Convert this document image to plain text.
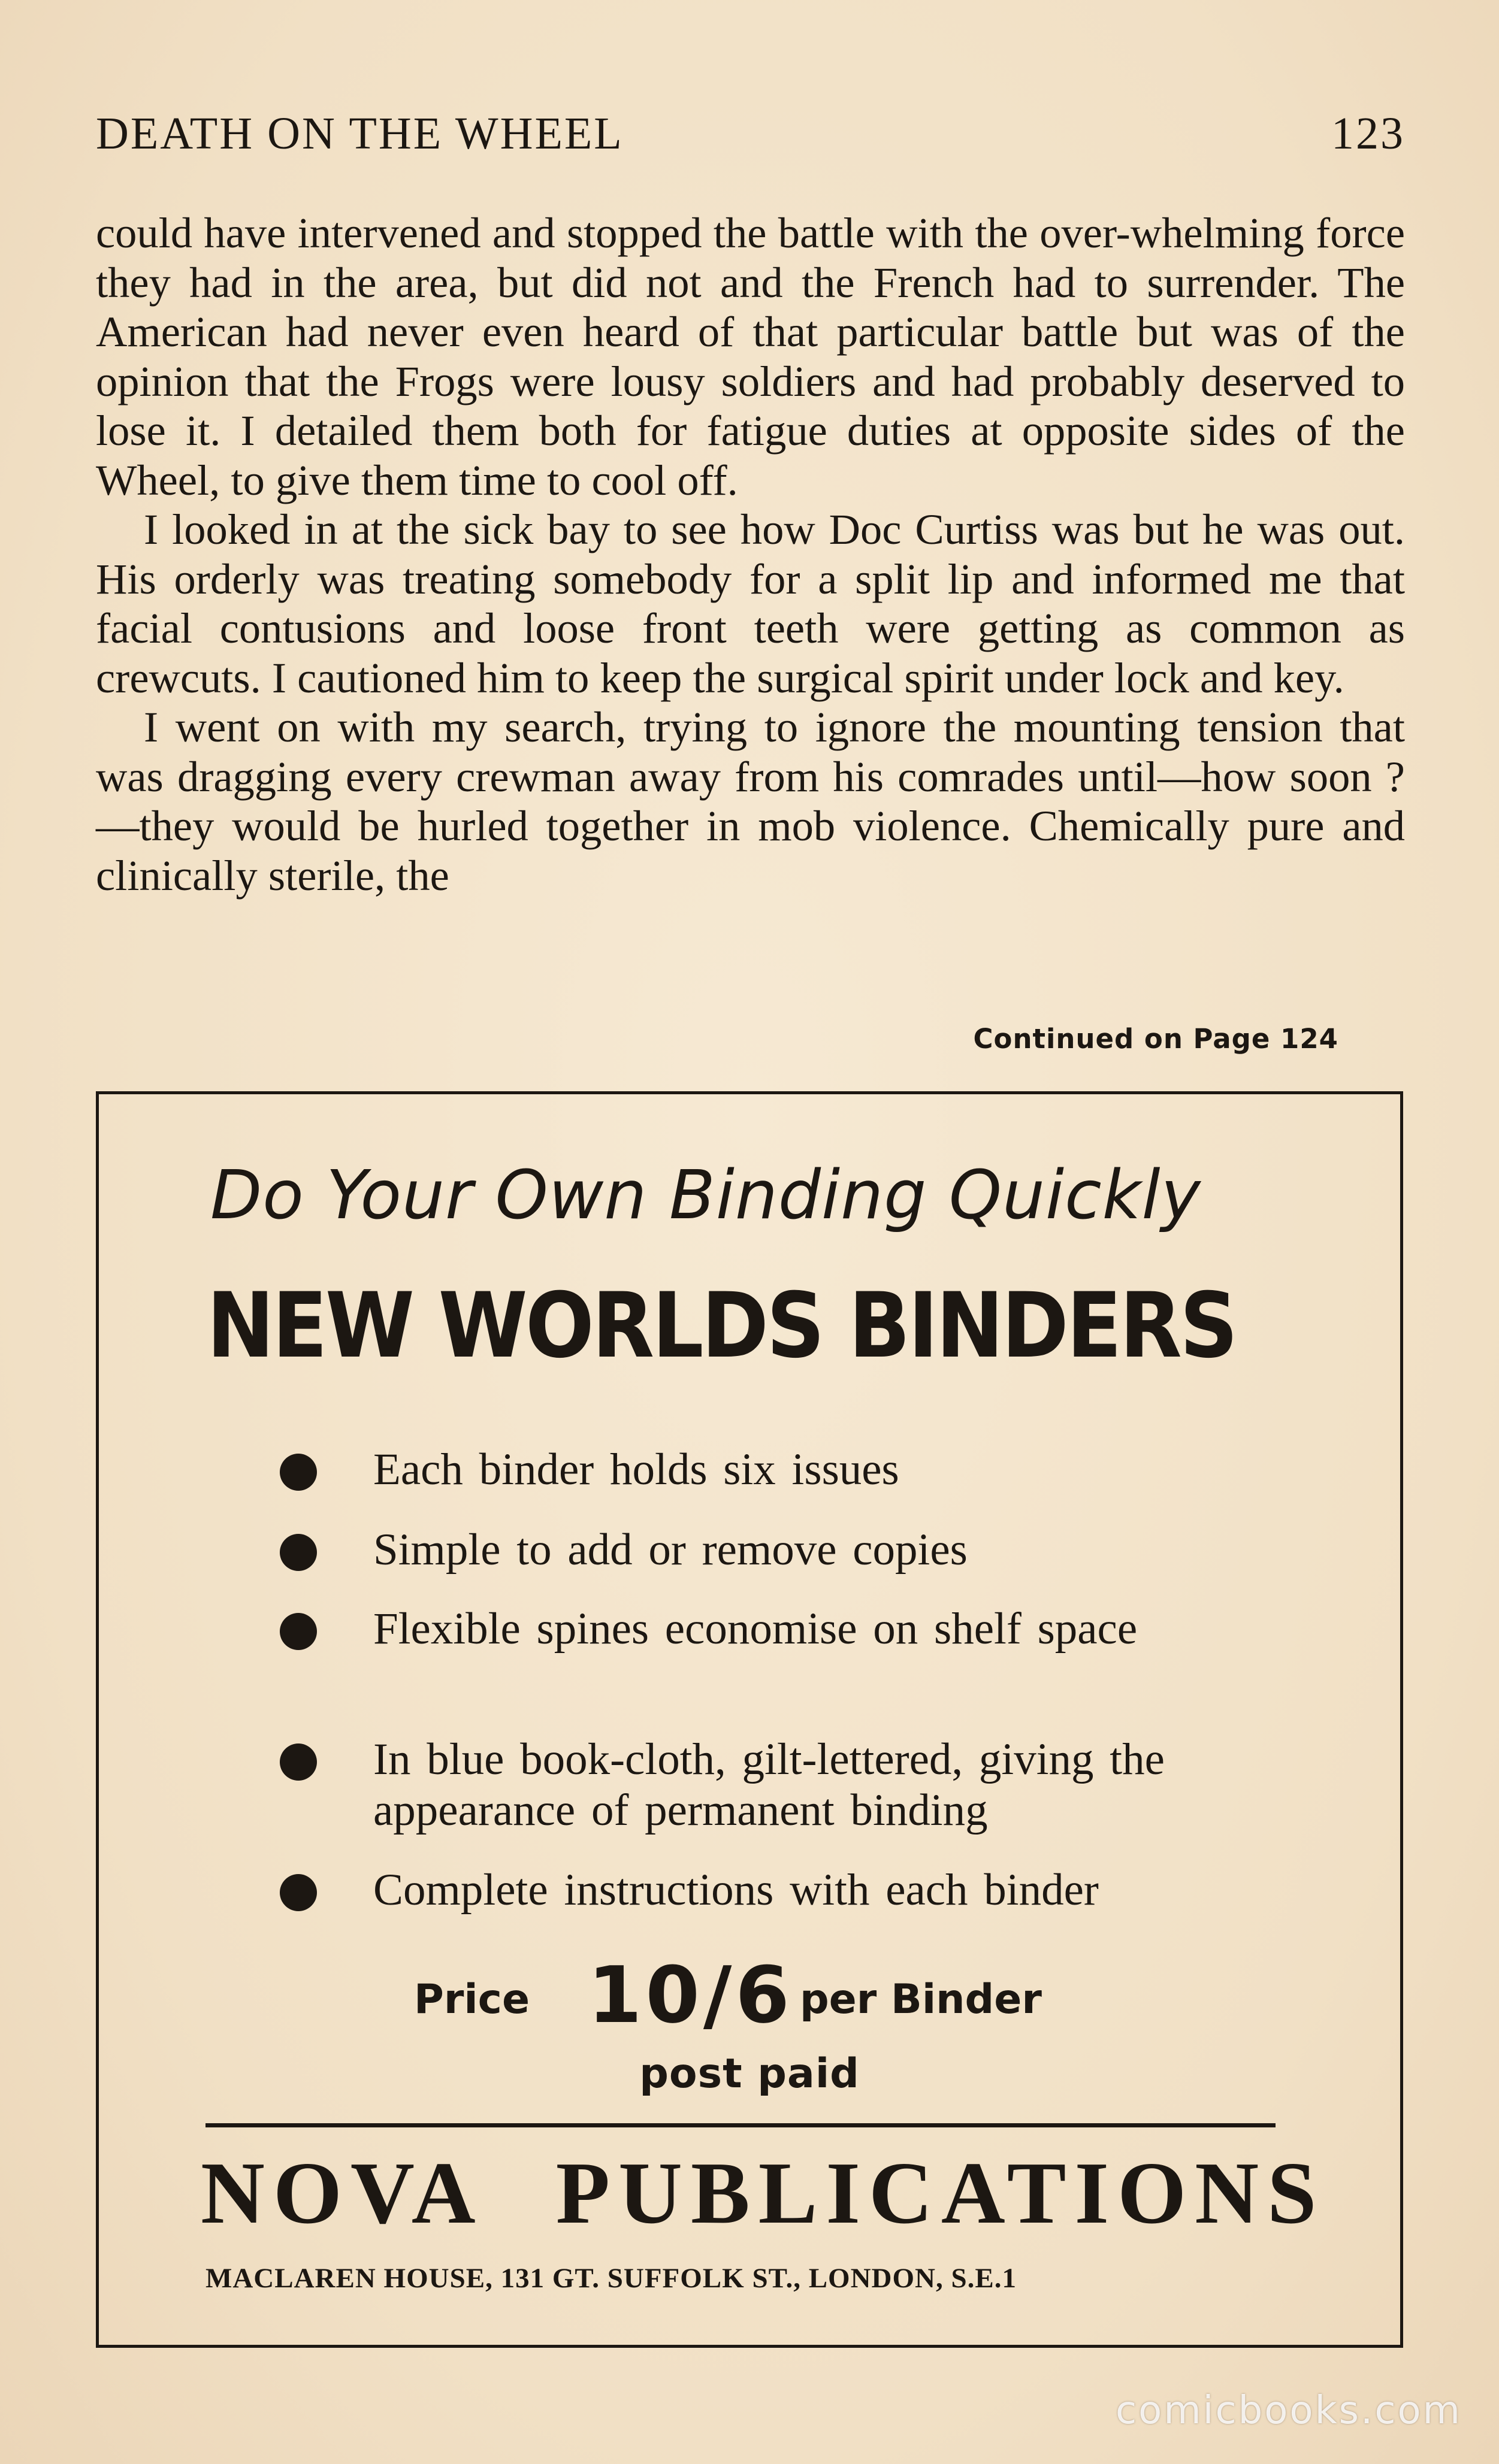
DEATH ON THE WHEEL	123

could have intervened and stopped the battle with the over-whelming force they had in the area, but did not and the French had to surrender. The American had never even heard of that particular battle but was of the opinion that the Frogs were lousy soldiers and had probably deserved to lose it. I detailed them both for fatigue duties at opposite sides of the Wheel, to give them time to cool off.

I looked in at the sick bay to see how Doc Curtiss was but he was out. His orderly was treating somebody for a split lip and informed me that facial contusions and loose front teeth were getting as common as crewcuts. I cautioned him to keep the surgical spirit under lock and key.

I went on with my search, trying to ignore the mounting tension that was dragging every crewman away from his comrades until—how soon ?—they would be hurled together in mob violence. Chemically pure and clinically sterile, the

Continued on Page 124
Do Your Own Binding Quickly
NEW WORLDS BINDERS
Each binder holds six issues
Simple to add or remove copies
Flexible spines economise on shelf space
In blue book-cloth, gilt-lettered, giving the appearance of permanent binding
Complete instructions with each binder
Price 10/6 per Binder
post paid
NOVA PUBLICATIONS
MACLAREN HOUSE, 131 GT. SUFFOLK ST., LONDON, S.E.1
comicbooks.com
